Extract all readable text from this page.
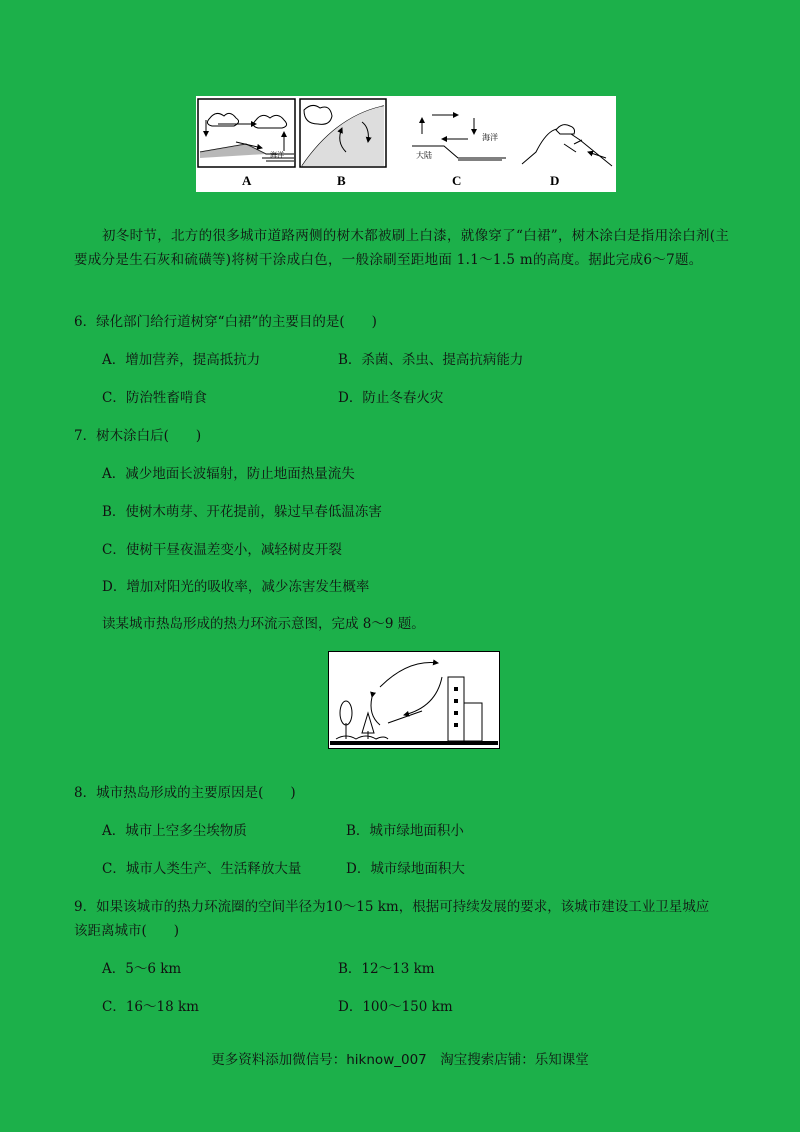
海洋	大陆
海洋
A	B	C	D
初冬时节，北方的很多城市道路两侧的树木都被刷上白漆，就像穿了“白裙”，树木涂白是指用涂白剂(主要成分是生石灰和硫磺等)将树干涂成白色，一般涂刷至距地面 1.1～1.5 m的高度。据此完成6～7题。
6．绿化部门给行道树穿“白裙”的主要目的是(　　)
A．增加营养，提高抵抗力	B．杀菌、杀虫、提高抗病能力
C．防治牲畜啃食	D．防止冬春火灾
7．树木涂白后(　　)
A．减少地面长波辐射，防止地面热量流失
B．使树木萌芽、开花提前，躲过早春低温冻害
C．使树干昼夜温差变小，减轻树皮开裂
D．增加对阳光的吸收率，减少冻害发生概率
读某城市热岛形成的热力环流示意图，完成 8～9 题。
8．城市热岛形成的主要原因是(　　)
A．城市上空多尘埃物质	B．城市绿地面积小
C．城市人类生产、生活释放大量	D．城市绿地面积大
9．如果该城市的热力环流圈的空间半径为10～15 km，根据可持续发展的要求，该城市建设工业卫星城应
该距离城市(　　)
A．5～6 km	B．12～13 km
C．16～18 km	D．100～150 km
更多资料添加微信号：hiknow_007　淘宝搜索店铺：乐知课堂
